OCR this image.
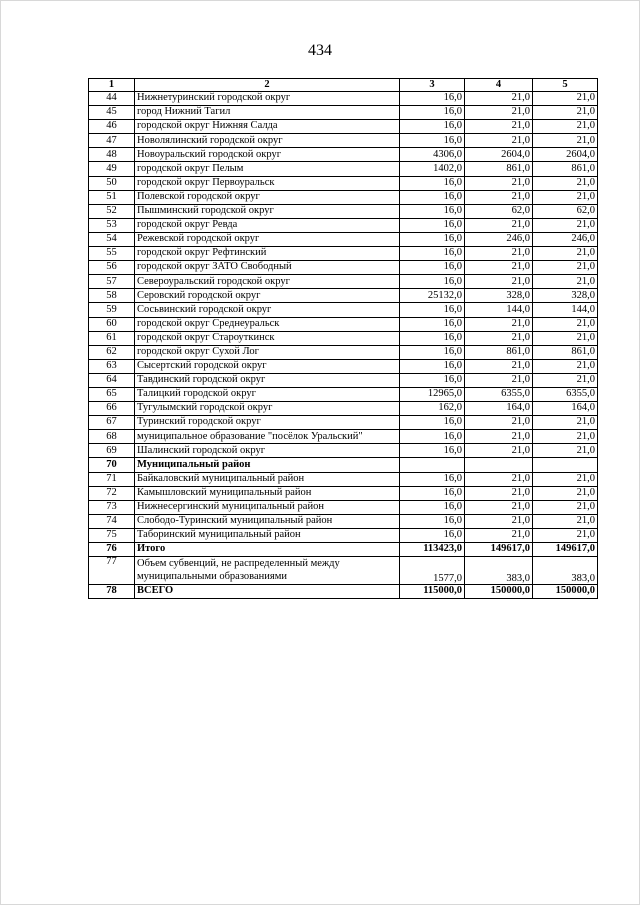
434
1	2	3	4	5
44	Нижнетуринский городской округ	16,0	21,0	21,0
45	город Нижний Тагил	16,0	21,0	21,0
46	городской округ Нижняя Салда	16,0	21,0	21,0
47	Новолялинский городской округ	16,0	21,0	21,0
48	Новоуральский городской округ	4306,0	2604,0	2604,0
49	городской округ Пелым	1402,0	861,0	861,0
50	городской округ Первоуральск	16,0	21,0	21,0
51	Полевской городской округ	16,0	21,0	21,0
52	Пышминский городской округ	16,0	62,0	62,0
53	городской округ Ревда	16,0	21,0	21,0
54	Режевской городской округ	16,0	246,0	246,0
55	городской округ Рефтинский	16,0	21,0	21,0
56	городской округ ЗАТО Свободный	16,0	21,0	21,0
57	Североуральский городской округ	16,0	21,0	21,0
58	Серовский городской округ	25132,0	328,0	328,0
59	Сосьвинский городской округ	16,0	144,0	144,0
60	городской округ Среднеуральск	16,0	21,0	21,0
61	городской округ Староуткинск	16,0	21,0	21,0
62	городской округ Сухой Лог	16,0	861,0	861,0
63	Сысертский городской округ	16,0	21,0	21,0
64	Тавдинский городской округ	16,0	21,0	21,0
65	Талицкий городской округ	12965,0	6355,0	6355,0
66	Тугулымский городской округ	162,0	164,0	164,0
67	Туринский городской округ	16,0	21,0	21,0
68	муниципальное образование "посёлок Уральский"	16,0	21,0	21,0
69	Шалинский городской округ	16,0	21,0	21,0
70	Муниципальный район			
71	Байкаловский муниципальный район	16,0	21,0	21,0
72	Камышловский муниципальный район	16,0	21,0	21,0
73	Нижнесергинский муниципальный район	16,0	21,0	21,0
74	Слободо-Туринский муниципальный район	16,0	21,0	21,0
75	Таборинский муниципальный район	16,0	21,0	21,0
76	Итого	113423,0	149617,0	149617,0
77	Объем субвенций, не распределенный между муниципальными образованиями	1577,0	383,0	383,0
78	ВСЕГО	115000,0	150000,0	150000,0
